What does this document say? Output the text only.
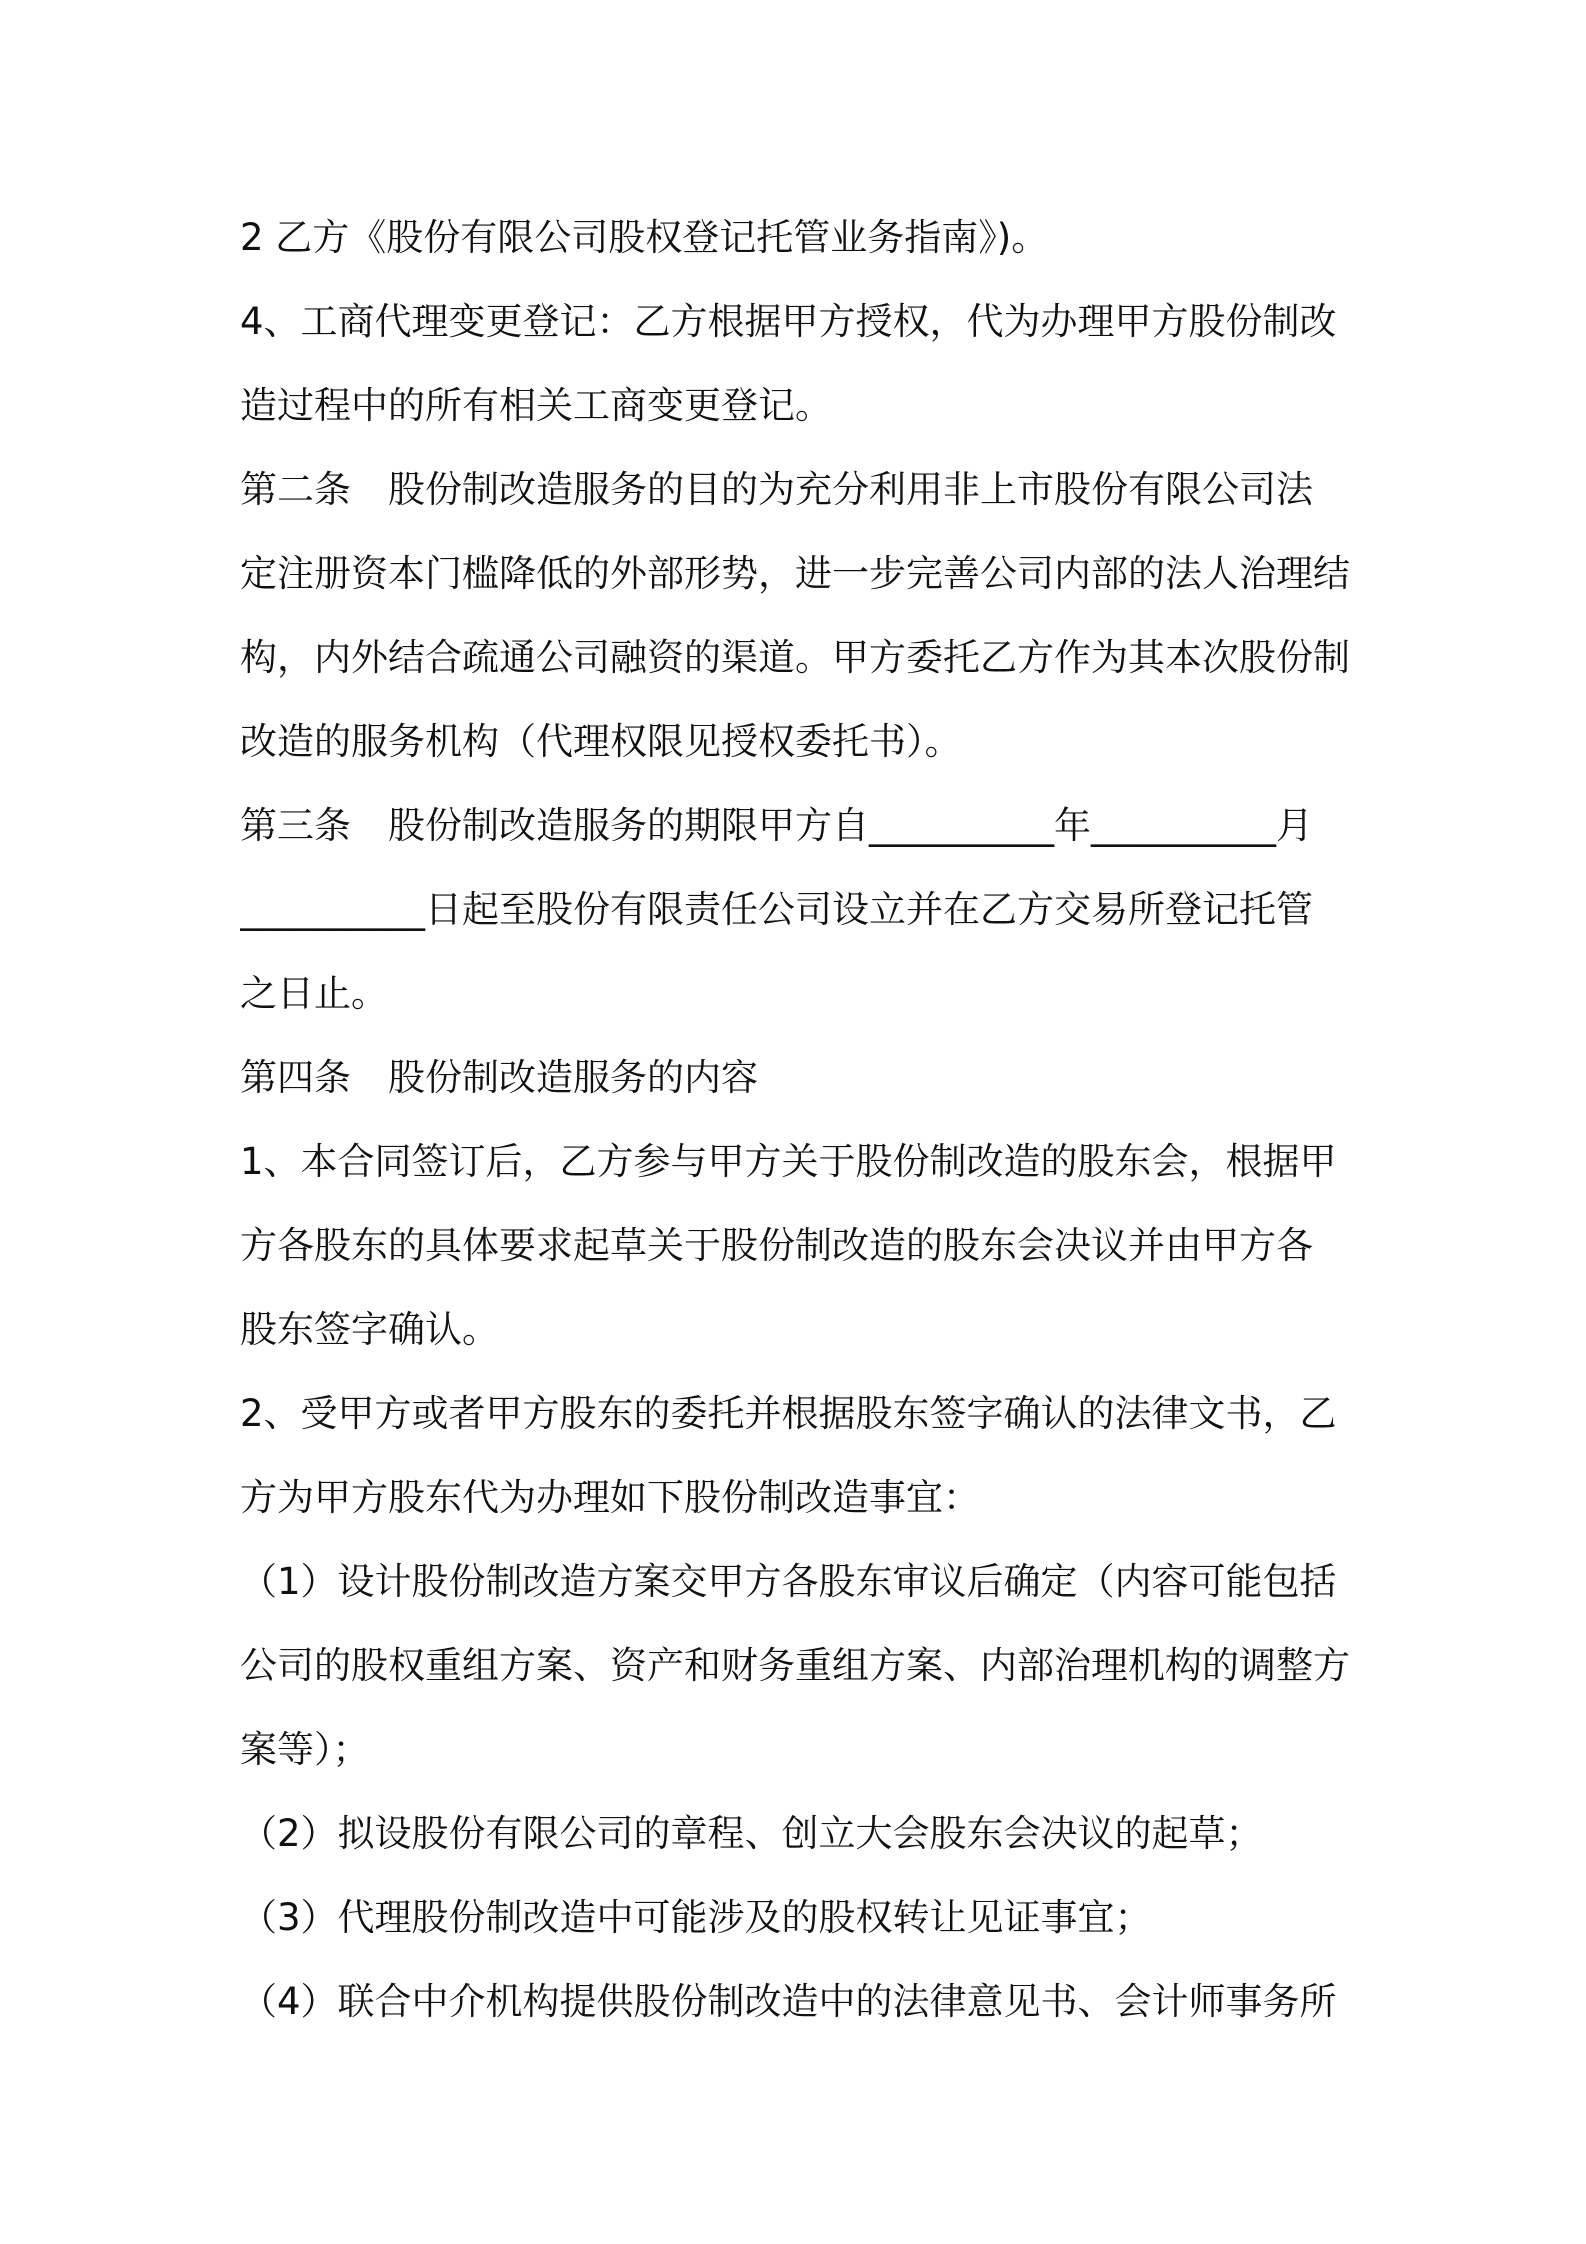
2 乙方《股份有限公司股权登记托管业务指南》)。
4、工商代理变更登记：乙方根据甲方授权，代为办理甲方股份制改
造过程中的所有相关工商变更登记。
第二条　股份制改造服务的目的为充分利用非上市股份有限公司法
定注册资本门槛降低的外部形势，进一步完善公司内部的法人治理结
构，内外结合疏通公司融资的渠道。甲方委托乙方作为其本次股份制
改造的服务机构（代理权限见授权委托书）。
第三条　股份制改造服务的期限甲方自__________年__________月
__________日起至股份有限责任公司设立并在乙方交易所登记托管
之日止。
第四条　股份制改造服务的内容
1、本合同签订后，乙方参与甲方关于股份制改造的股东会，根据甲
方各股东的具体要求起草关于股份制改造的股东会决议并由甲方各
股东签字确认。
2、受甲方或者甲方股东的委托并根据股东签字确认的法律文书，乙
方为甲方股东代为办理如下股份制改造事宜：
（1）设计股份制改造方案交甲方各股东审议后确定（内容可能包括
公司的股权重组方案、资产和财务重组方案、内部治理机构的调整方
案等）；
（2）拟设股份有限公司的章程、创立大会股东会决议的起草；
（3）代理股份制改造中可能涉及的股权转让见证事宜；
（4）联合中介机构提供股份制改造中的法律意见书、会计师事务所
